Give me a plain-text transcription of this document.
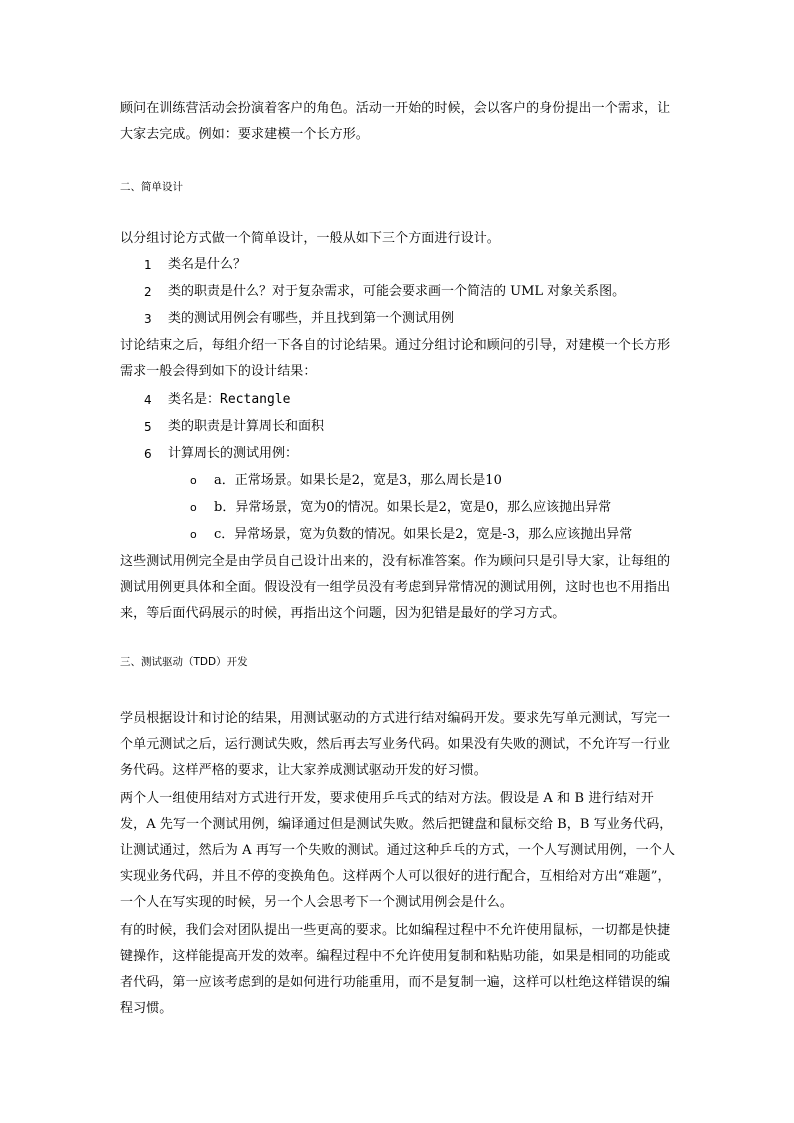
顾问在训练营活动会扮演着客户的角色。活动一开始的时候，会以客户的身份提出一个需求，让大家去完成。例如：要求建模一个长方形。
二、简单设计
以分组讨论方式做一个简单设计，一般从如下三个方面进行设计。
1	类名是什么？
2	类的职责是什么？对于复杂需求，可能会要求画一个简洁的 UML 对象关系图。
3	类的测试用例会有哪些，并且找到第一个测试用例
讨论结束之后，每组介绍一下各自的讨论结果。通过分组讨论和顾问的引导，对建模一个长方形需求一般会得到如下的设计结果：
4	类名是：Rectangle
5	类的职责是计算周长和面积
6	计算周长的测试用例：
o	a．正常场景。如果长是2，宽是3，那么周长是10
o	b．异常场景，宽为0的情况。如果长是2，宽是0，那么应该抛出异常
o	c．异常场景，宽为负数的情况。如果长是2，宽是-3，那么应该抛出异常
这些测试用例完全是由学员自己设计出来的，没有标准答案。作为顾问只是引导大家，让每组的测试用例更具体和全面。假设没有一组学员没有考虑到异常情况的测试用例，这时也也不用指出来，等后面代码展示的时候，再指出这个问题，因为犯错是最好的学习方式。
三、测试驱动（TDD）开发
学员根据设计和讨论的结果，用测试驱动的方式进行结对编码开发。要求先写单元测试，写完一个单元测试之后，运行测试失败，然后再去写业务代码。如果没有失败的测试，不允许写一行业务代码。这样严格的要求，让大家养成测试驱动开发的好习惯。
两个人一组使用结对方式进行开发，要求使用乒乓式的结对方法。假设是 A 和 B 进行结对开发，A 先写一个测试用例，编译通过但是测试失败。然后把键盘和鼠标交给 B，B 写业务代码，让测试通过，然后为 A 再写一个失败的测试。通过这种乒乓的方式，一个人写测试用例，一个人实现业务代码，并且不停的变换角色。这样两个人可以很好的进行配合，互相给对方出“难题”，一个人在写实现的时候，另一个人会思考下一个测试用例会是什么。
有的时候，我们会对团队提出一些更高的要求。比如编程过程中不允许使用鼠标，一切都是快捷键操作，这样能提高开发的效率。编程过程中不允许使用复制和粘贴功能，如果是相同的功能或者代码，第一应该考虑到的是如何进行功能重用，而不是复制一遍，这样可以杜绝这样错误的编程习惯。
